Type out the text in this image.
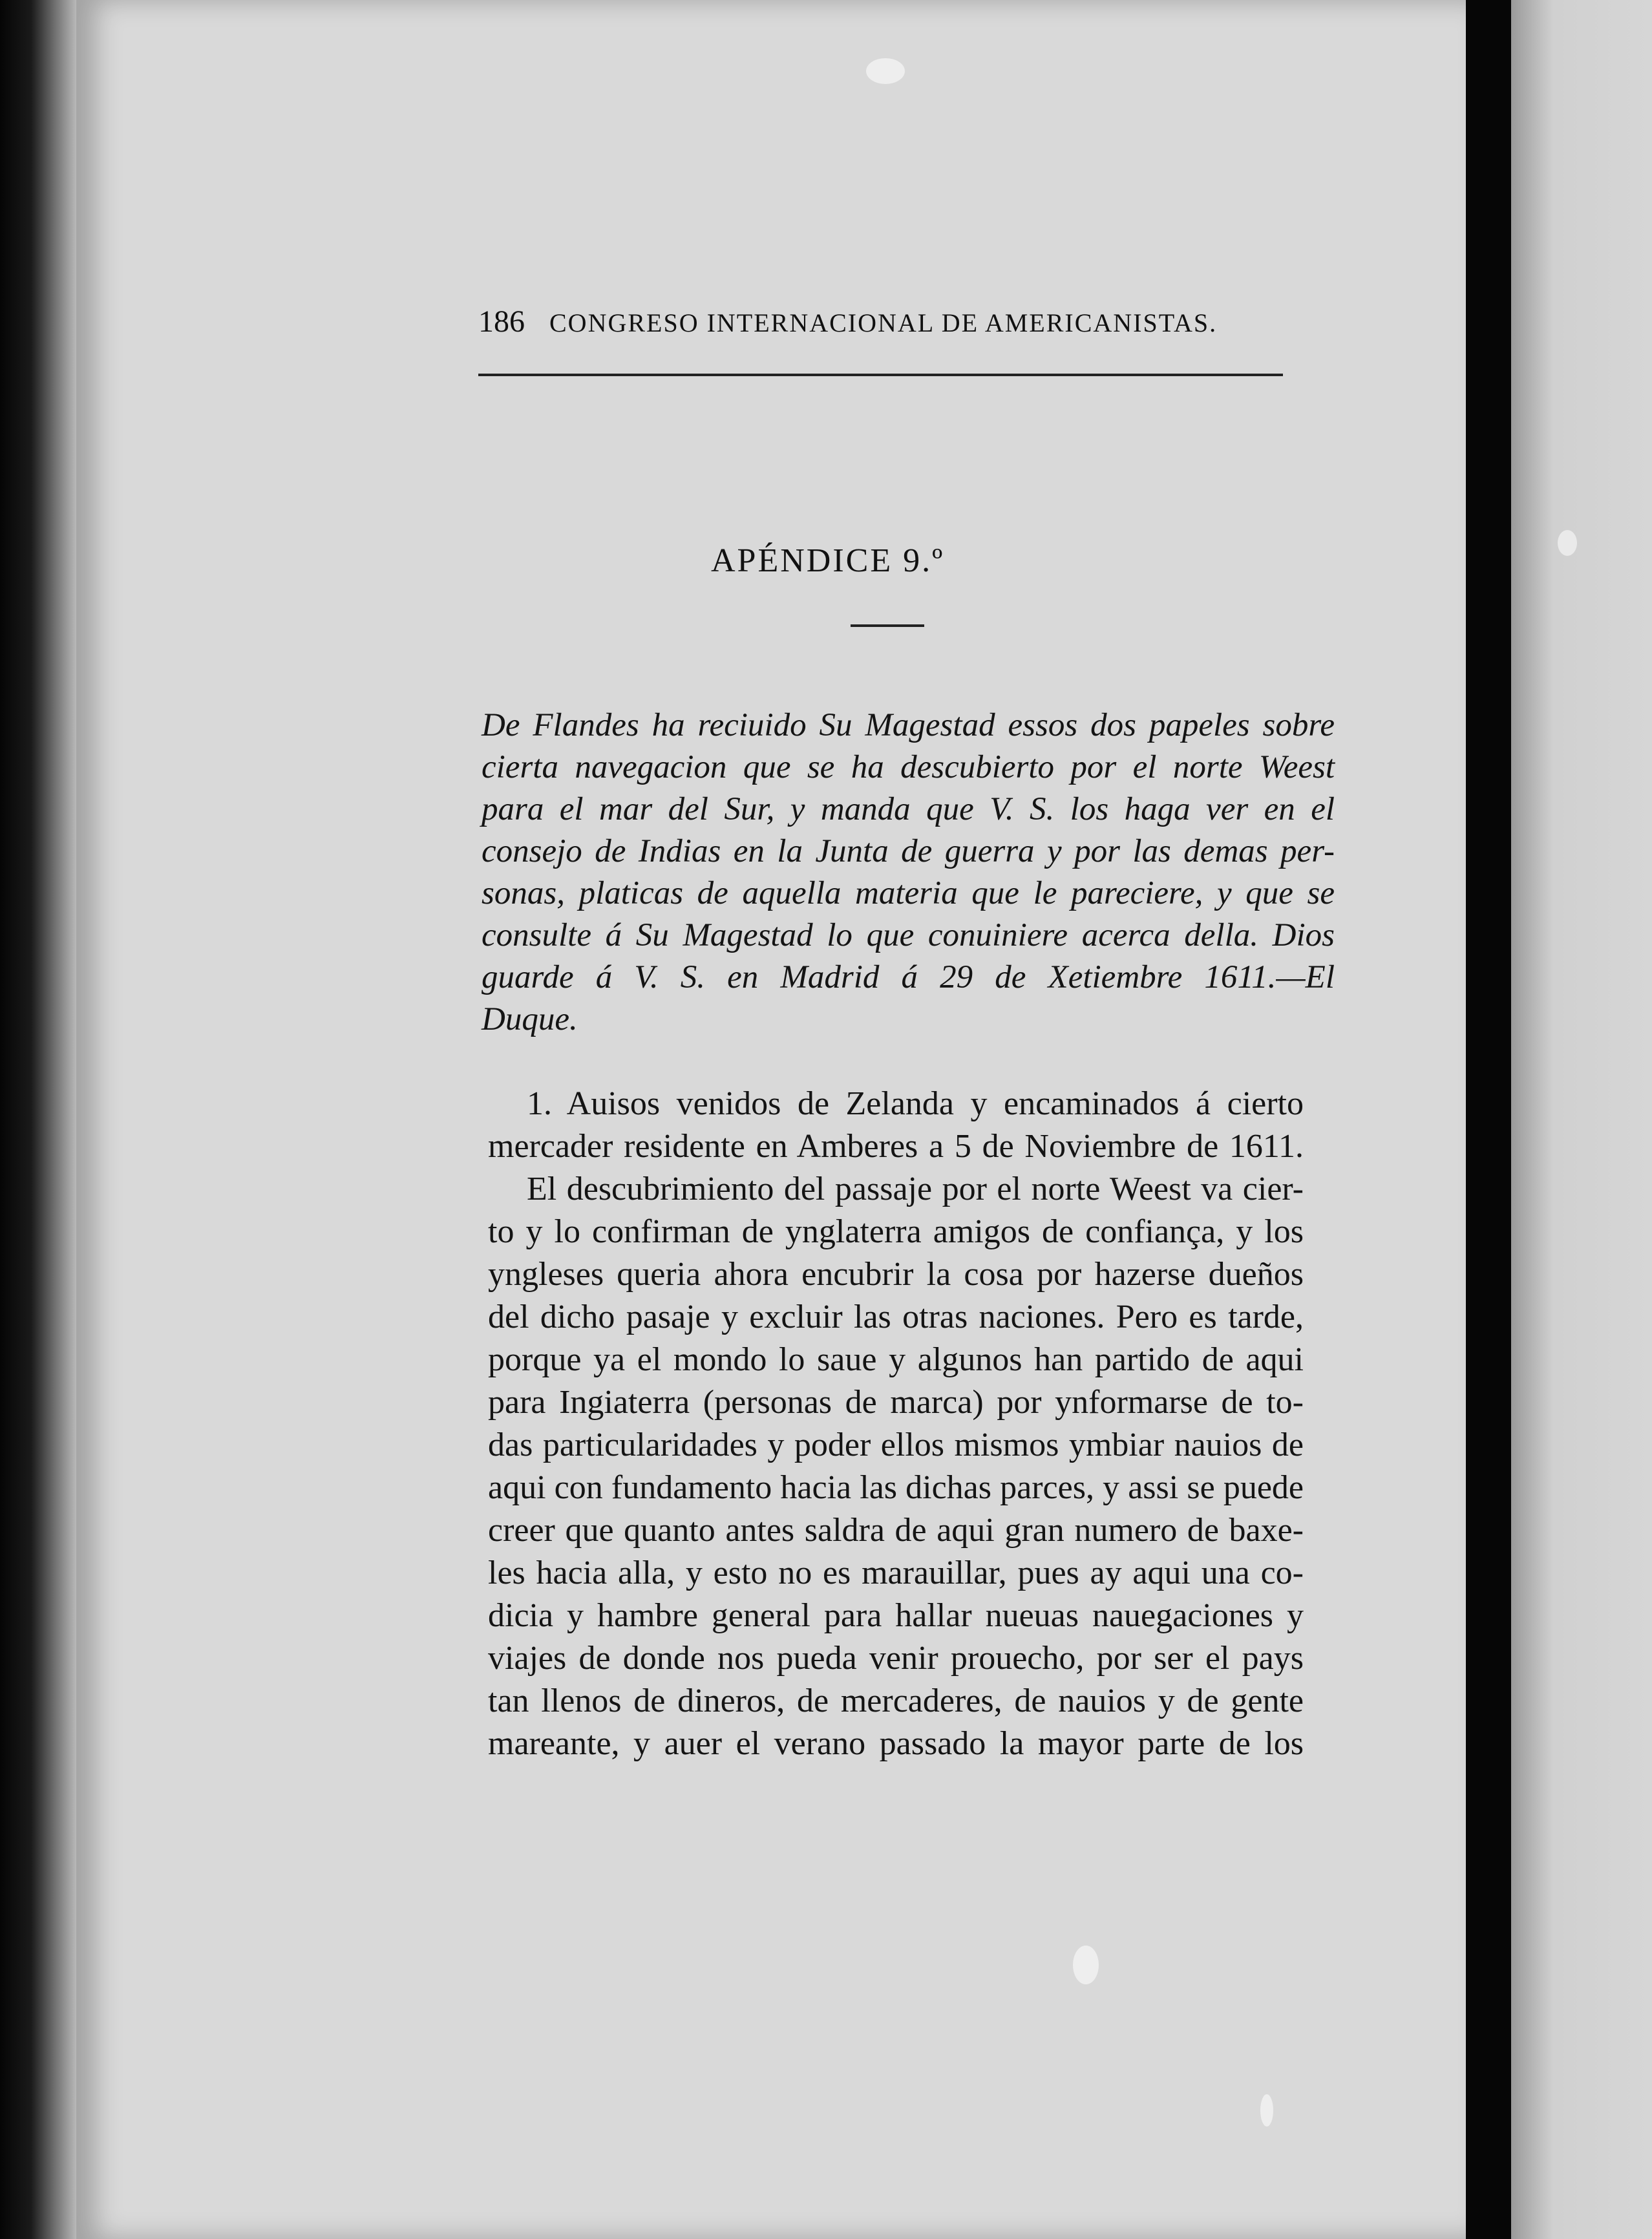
186 CONGRESO INTERNACIONAL DE AMERICANISTAS.
APÉNDICE 9.º
De Flandes ha reciuido Su Magestad essos dos papeles sobre
cierta navegacion que se ha descubierto por el norte Weest
para el mar del Sur, y manda que V. S. los haga ver en el
consejo de Indias en la Junta de guerra y por las demas per-
sonas, platicas de aquella materia que le pareciere, y que se
consulte á Su Magestad lo que conuiniere acerca della. Dios
guarde á V. S. en Madrid á 29 de Xetiembre 1611.—El
Duque.
1. Auisos venidos de Zelanda y encaminados á cierto
mercader residente en Amberes a 5 de Noviembre de 1611.
El descubrimiento del passaje por el norte Weest va cier-
to y lo confirman de ynglaterra amigos de confiança, y los
yngleses queria ahora encubrir la cosa por hazerse dueños
del dicho pasaje y excluir las otras naciones. Pero es tarde,
porque ya el mondo lo saue y algunos han partido de aqui
para Ingiaterra (personas de marca) por ynformarse de to-
das particularidades y poder ellos mismos ymbiar nauios de
aqui con fundamento hacia las dichas parces, y assi se puede
creer que quanto antes saldra de aqui gran numero de baxe-
les hacia alla, y esto no es marauillar, pues ay aqui una co-
dicia y hambre general para hallar nueuas nauegaciones y
viajes de donde nos pueda venir prouecho, por ser el pays
tan llenos de dineros, de mercaderes, de nauios y de gente
mareante, y auer el verano passado la mayor parte de los
